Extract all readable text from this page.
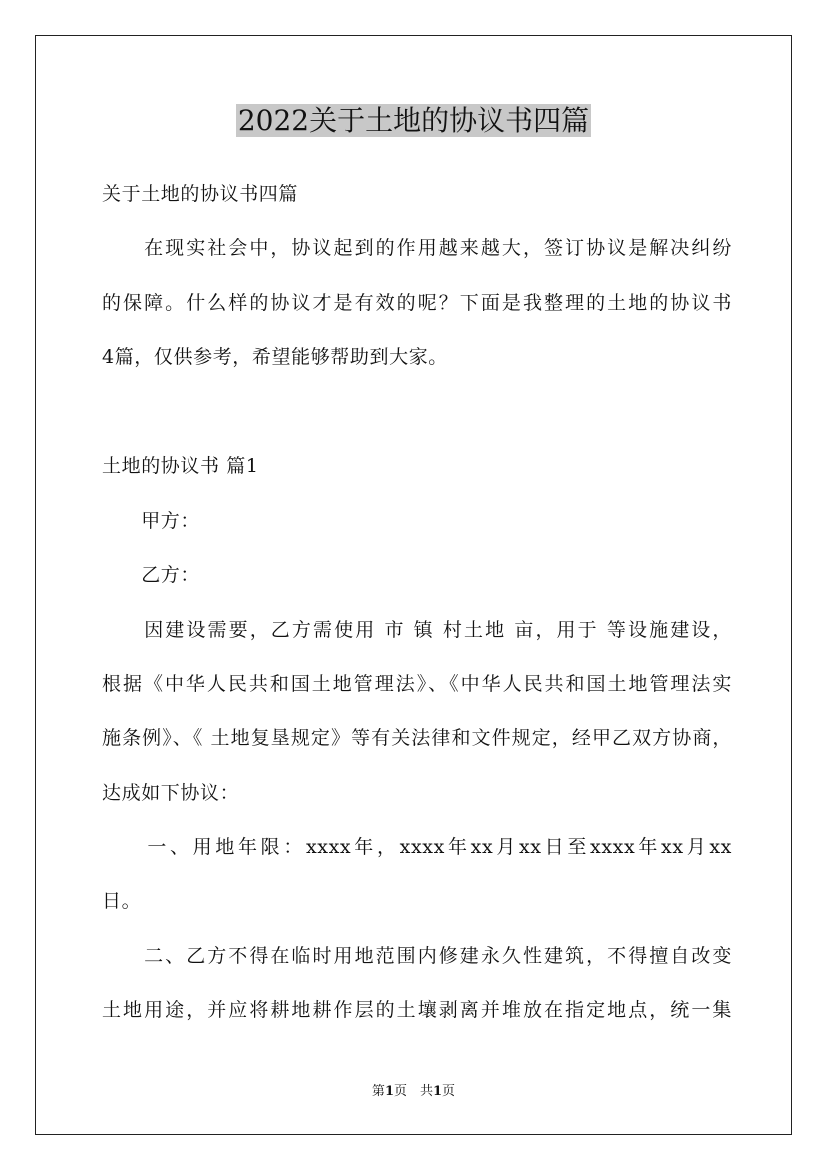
2022关于土地的协议书四篇

关于土地的协议书四篇

　　在现实社会中，协议起到的作用越来越大，签订协议是解决纠纷

的保障。什么样的协议才是有效的呢？下面是我整理的土地的协议书

4篇，仅供参考，希望能够帮助到大家。

土地的协议书 篇1

　　甲方：

　　乙方：

　　因建设需要，乙方需使用 市 镇 村土地 亩，用于 等设施建设，

根据《中华人民共和国土地管理法》、《中华人民共和国土地管理法实

施条例》、《 土地复垦规定》等有关法律和文件规定，经甲乙双方协商，

达成如下协议：

　　一、用地年限：xxxx年，xxxx年xx月xx日至xxxx年xx月xx

日。

　　二、乙方不得在临时用地范围内修建永久性建筑，不得擅自改变

土地用途，并应将耕地耕作层的土壤剥离并堆放在指定地点，统一集

第1页　共1页
